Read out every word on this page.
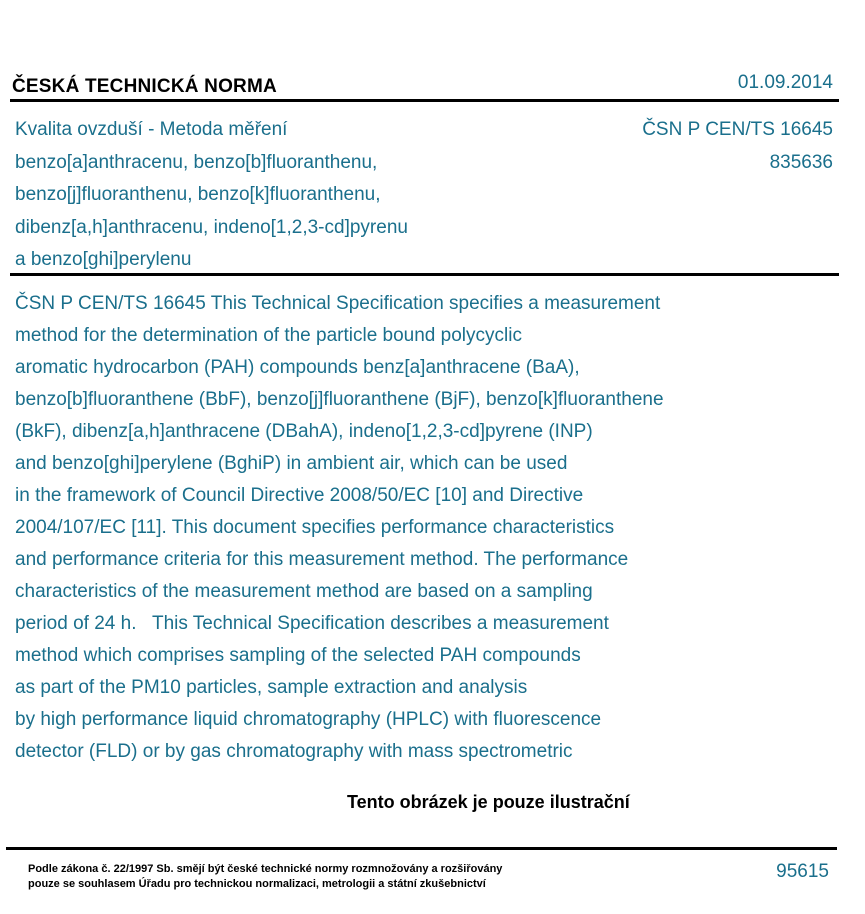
ČESKÁ TECHNICKÁ NORMA	01.09.2014
Kvalita ovzduší - Metoda měření
benzo[a]anthracenu, benzo[b]fluoranthenu,
benzo[j]fluoranthenu, benzo[k]fluoranthenu,
dibenz[a,h]anthracenu, indeno[1,2,3-cd]pyrenu
a benzo[ghi]perylenu
ČSN P CEN/TS 16645
835636
ČSN P CEN/TS 16645 This Technical Specification specifies a measurement
method for the determination of the particle bound polycyclic
aromatic hydrocarbon (PAH) compounds benz[a]anthracene (BaA),
benzo[b]fluoranthene (BbF), benzo[j]fluoranthene (BjF), benzo[k]fluoranthene
(BkF), dibenz[a,h]anthracene (DBahA), indeno[1,2,3-cd]pyrene (INP)
and benzo[ghi]perylene (BghiP) in ambient air, which can be used
in the framework of Council Directive 2008/50/EC [10] and Directive
2004/107/EC [11]. This document specifies performance characteristics
and performance criteria for this measurement method. The performance
characteristics of the measurement method are based on a sampling
period of 24 h.   This Technical Specification describes a measurement
method which comprises sampling of the selected PAH compounds
as part of the PM10 particles, sample extraction and analysis
by high performance liquid chromatography (HPLC) with fluorescence
detector (FLD) or by gas chromatography with mass spectrometric
Tento obrázek je pouze ilustrační
Podle zákona č. 22/1997 Sb. smějí být české technické normy rozmnožovány a rozšiřovány
pouze se souhlasem Úřadu pro technickou normalizaci, metrologii a státní zkušebnictví
95615
